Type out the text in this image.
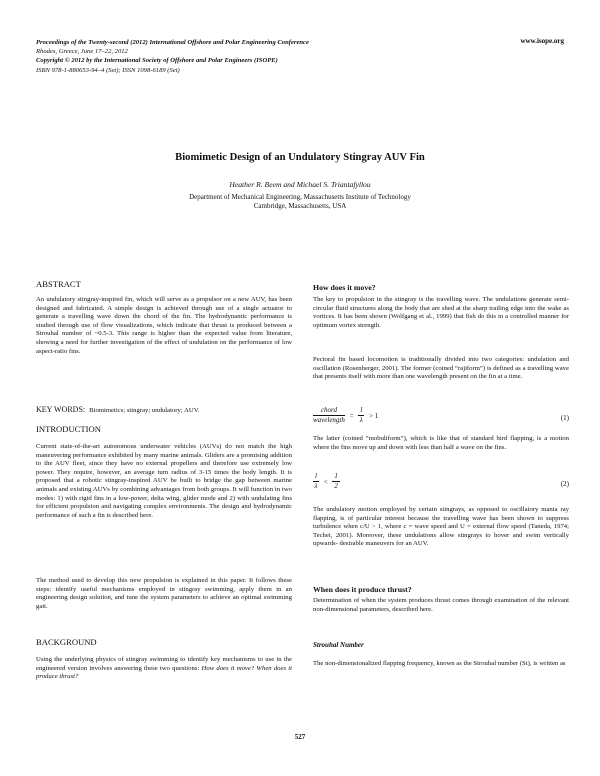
Proceedings of the Twenty-second (2012) International Offshore and Polar Engineering Conference
Rhodes, Greece, June 17–22, 2012
Copyright © 2012 by the International Society of Offshore and Polar Engineers (ISOPE)
ISBN 978-1-880653-94–4 (Set); ISSN 1098-6189 (Set)
www.isope.org
Biomimetic Design of an Undulatory Stingray AUV Fin
Heather R. Beem and Michael S. Triantafyllou
Department of Mechanical Engineering, Massachusetts Institute of Technology
Cambridge, Massachusetts, USA
ABSTRACT
An undulatory stingray-inspired fin, which will serve as a propulsor on a new AUV, has been designed and fabricated. A simple design is achieved through use of a single actuator to generate a travelling wave down the chord of the fin. The hydrodynamic performance is studied through use of flow visualizations, which indicate that thrust is produced between a Strouhal number of ~0.5-3. This range is higher than the expected value from literature, showing a need for further investigation of the effect of undulation on the performance of low aspect-ratio fins.
KEY WORDS: Biomimetics; stingray; undulatory; AUV.
INTRODUCTION
Current state-of-the-art autonomous underwater vehicles (AUVs) do not match the high maneuvering performance exhibited by many marine animals. Gliders are a promising addition to the AUV fleet, since they have no external propellers and therefore use extremely low power. They require, however, an average turn radius of 3-15 times the body length. It is proposed that a robotic stingray-inspired AUV be built to bridge the gap between marine animals and existing AUVs by combining advantages from both groups. It will function in two modes: 1) with rigid fins in a low-power, delta wing, glider mode and 2) with undulating fins for efficient propulsion and navigating complex environments. The design and hydrodynamic performance of such a fin is described here.
The method used to develop this new propulsion is explained in this paper. It follows these steps: identify useful mechanisms employed in stingray swimming, apply them in an engineering design solution, and tune the system parameters to achieve an optimal swimming gait.
BACKGROUND
Using the underlying physics of stingray swimming to identify key mechanisms to use in the engineered version involves answering these two questions: How does it move? When does it produce thrust?
How does it move?
The key to propulsion in the stingray is the travelling wave. The undulations generate semi-circular fluid structures along the body that are shed at the sharp trailing edge into the wake as vortices. It has been shown (Wolfgang et al., 1999) that fish do this in a controlled manner for optimum vortex strength.
Pectoral fin based locomotion is traditionally divided into two categories: undulation and oscillation (Rosenberger, 2001). The former (coined “rajiform”) is defined as a travelling wave that presents itself with more than one wavelength present on the fin at a time.
$\frac{\text{chord}}{\text{wavelength}} = \frac{l}{\lambda} > 1$	(1)
The latter (coined “mobuliform”), which is like that of standard bird flapping, is a motion where the fins move up and down with less than half a wave on the fins.
$\frac{l}{\lambda} < \frac{1}{2}$	(2)
The undulatory motion employed by certain stingrays, as opposed to oscillatory manta ray flapping, is of particular interest because the travelling wave has been shown to suppress turbulence when c/U > 1, where c = wave speed and U = external flow speed (Taneda, 1974; Techet, 2001). Moreover, these undulations allow stingrays to hover and swim vertically upwards- desirable maneuvers for an AUV.
When does it produce thrust?
Determination of when the system produces thrust comes through examination of the relevant non-dimensional parameters, described here.
Strouhal Number
The non-dimensionalized flapping frequency, known as the Strouhal number (St), is written as
527
